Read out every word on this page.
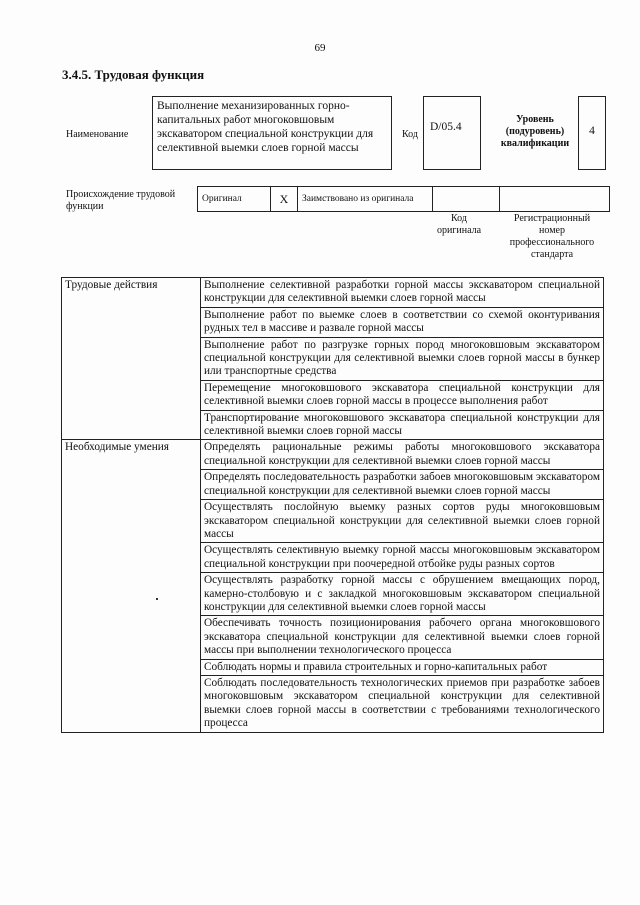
69
3.4.5. Трудовая функция
Наименование
Выполнение механизированных горно-капитальных работ многоковшовым экскаватором специальной конструкции для селективной выемки слоев горной массы
Код
D/05.4
Уровень (подуровень) квалификации
4
Происхождение трудовой функции
Оригинал	X	Заимствовано из оригинала		
Код оригинала
Регистрационный номер профессионального стандарта
Трудовые действия	Выполнение селективной разработки горной массы экскаватором специальной конструкции для селективной выемки слоев горной массы
	Выполнение работ по выемке слоев в соответствии со схемой оконтуривания рудных тел в массиве и развале горной массы
	Выполнение работ по разгрузке горных пород многоковшовым экскаватором специальной конструкции для селективной выемки слоев горной массы в бункер или транспортные средства
	Перемещение многоковшового экскаватора специальной конструкции для селективной выемки слоев горной массы в процессе выполнения работ
	Транспортирование многоковшового экскаватора специальной конструкции для селективной выемки слоев горной массы
Необходимые умения	Определять рациональные режимы работы многоковшового экскаватора специальной конструкции для селективной выемки слоев горной массы
	Определять последовательность разработки забоев многоковшовым экскаватором специальной конструкции для селективной выемки слоев горной массы
	Осуществлять послойную выемку разных сортов руды многоковшовым экскаватором специальной конструкции для селективной выемки слоев горной массы
	Осуществлять селективную выемку горной массы многоковшовым экскаватором специальной конструкции при поочередной отбойке руды разных сортов
	Осуществлять разработку горной массы с обрушением вмещающих пород, камерно-столбовую и с закладкой многоковшовым экскаватором специальной конструкции для селективной выемки слоев горной массы
	Обеспечивать точность позиционирования рабочего органа многоковшового экскаватора специальной конструкции для селективной выемки слоев горной массы при выполнении технологического процесса
	Соблюдать нормы и правила строительных и горно-капитальных работ
	Соблюдать последовательность технологических приемов при разработке забоев многоковшовым экскаватором специальной конструкции для селективной выемки слоев горной массы в соответствии с требованиями технологического процесса
